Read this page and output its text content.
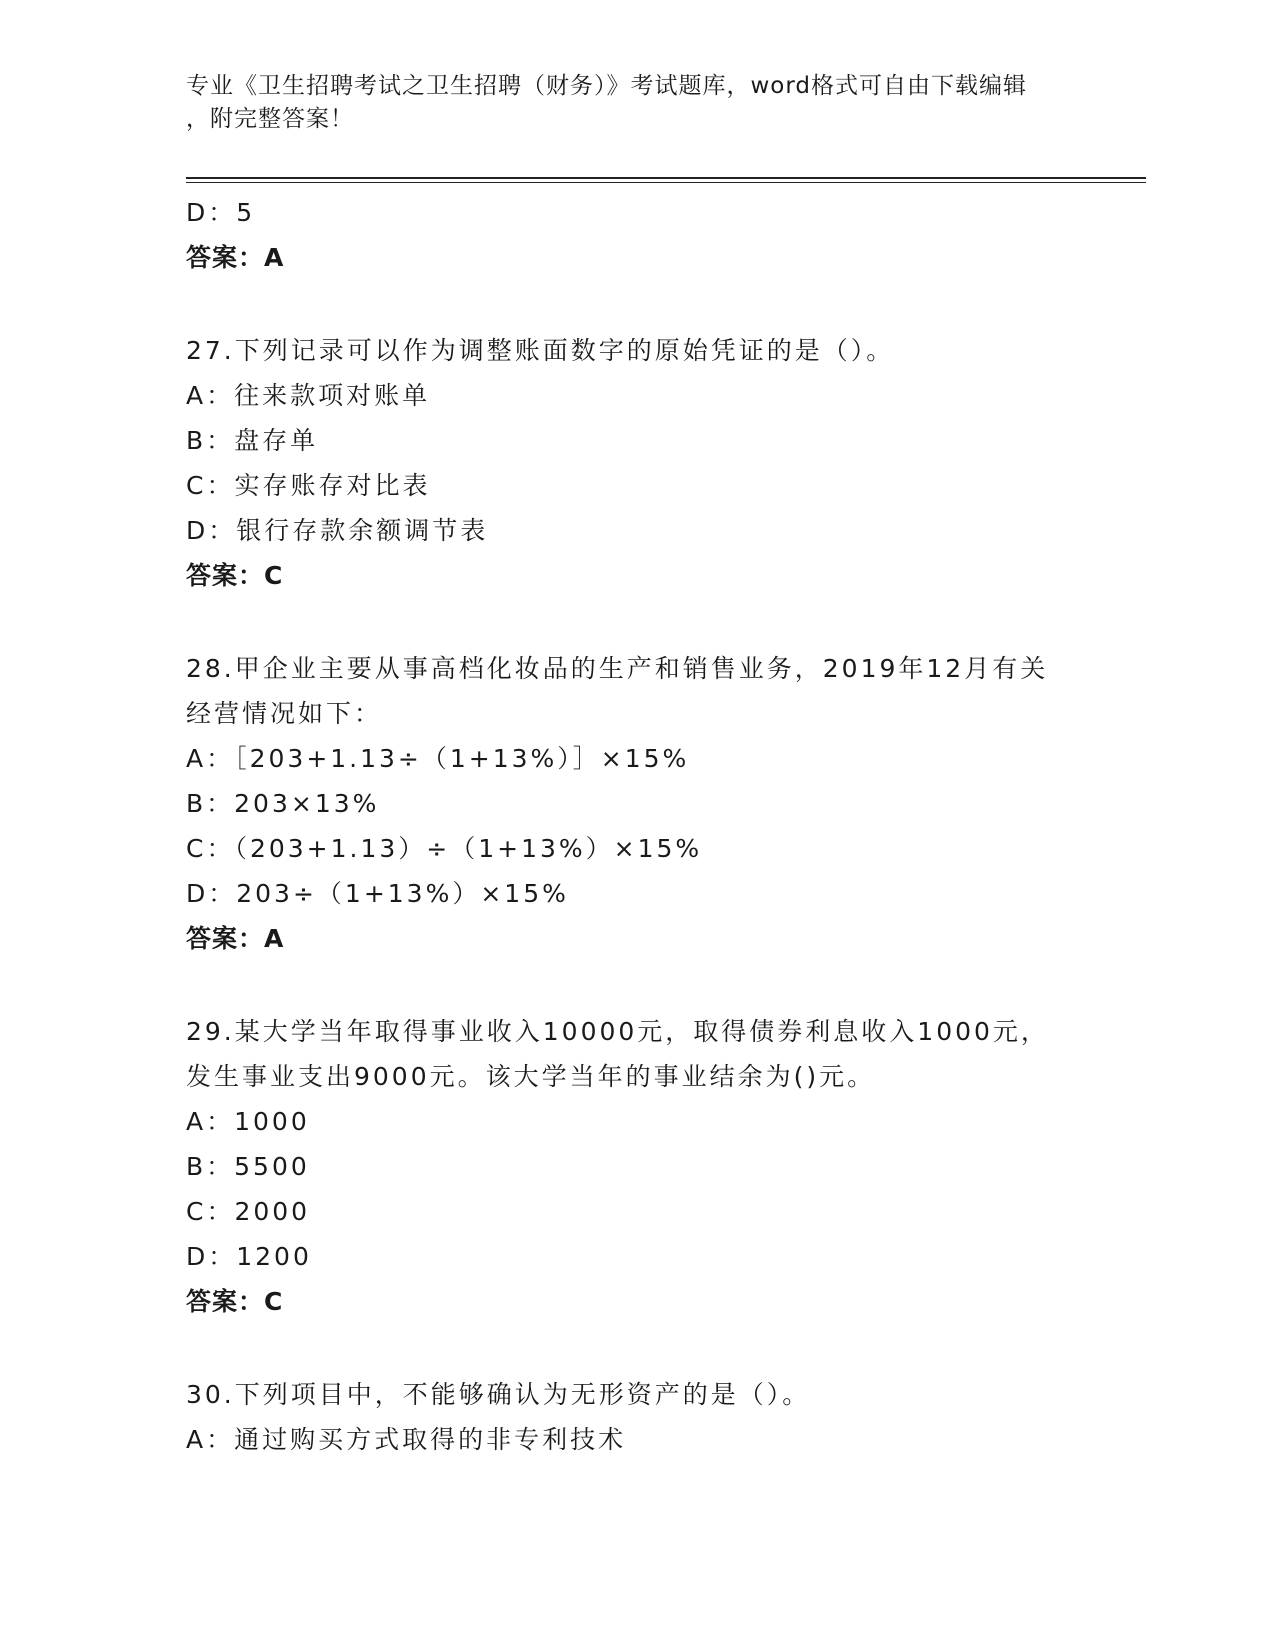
专业《卫生招聘考试之卫生招聘（财务）》考试题库，word格式可自由下载编辑
，附完整答案！
D：5
答案：A
27.下列记录可以作为调整账面数字的原始凭证的是（）。
A：往来款项对账单
B：盘存单
C：实存账存对比表
D：银行存款余额调节表
答案：C
28.甲企业主要从事高档化妆品的生产和销售业务，2019年12月有关经营情况如下：
A：［203+1.13÷（1+13%）］×15%
B：203×13%
C：（203+1.13）÷（1+13%）×15%
D：203÷（1+13%）×15%
答案：A
29.某大学当年取得事业收入10000元，取得债券利息收入1000元，发生事业支出9000元。该大学当年的事业结余为()元。
A：1000
B：5500
C：2000
D：1200
答案：C
30.下列项目中，不能够确认为无形资产的是（）。
A：通过购买方式取得的非专利技术
